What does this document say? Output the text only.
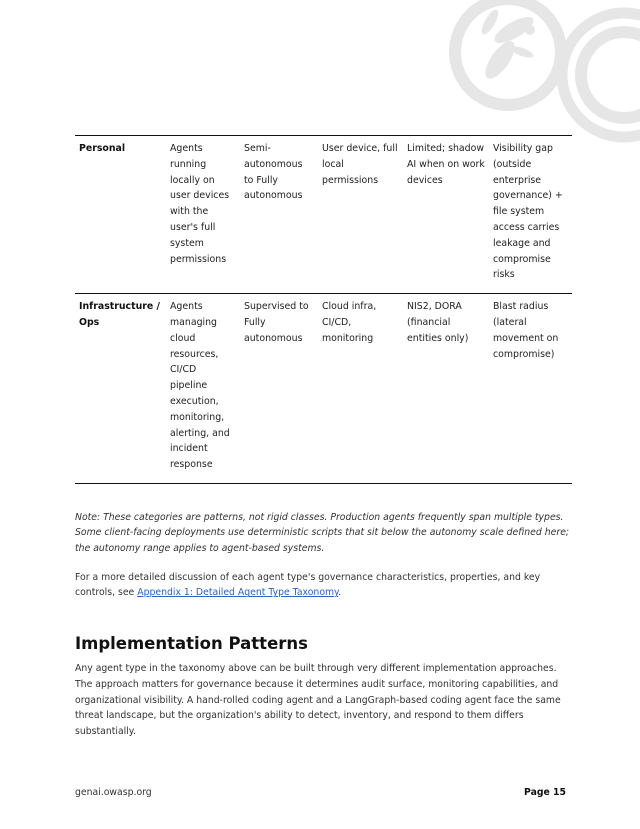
Personal	Agents running locally on user devices with the user's full system permissions	Semi-autonomous to Fully autonomous	User device, full local permissions	Limited; shadow AI when on work devices	Visibility gap (outside enterprise governance) + file system access carries leakage and compromise risks
Infrastructure / Ops	Agents managing cloud resources, CI/CD pipeline execution, monitoring, alerting, and incident response	Supervised to Fully autonomous	Cloud infra, CI/CD, monitoring	NIS2, DORA (financial entities only)	Blast radius (lateral movement on compromise)

Note: These categories are patterns, not rigid classes. Production agents frequently span multiple types. Some client-facing deployments use deterministic scripts that sit below the autonomy scale defined here; the autonomy range applies to agent-based systems.

For a more detailed discussion of each agent type's governance characteristics, properties, and key controls, see Appendix 1: Detailed Agent Type Taxonomy.

Implementation Patterns

Any agent type in the taxonomy above can be built through very different implementation approaches. The approach matters for governance because it determines audit surface, monitoring capabilities, and organizational visibility. A hand-rolled coding agent and a LangGraph-based coding agent face the same threat landscape, but the organization's ability to detect, inventory, and respond to them differs substantially.

genai.owasp.org	Page 15
